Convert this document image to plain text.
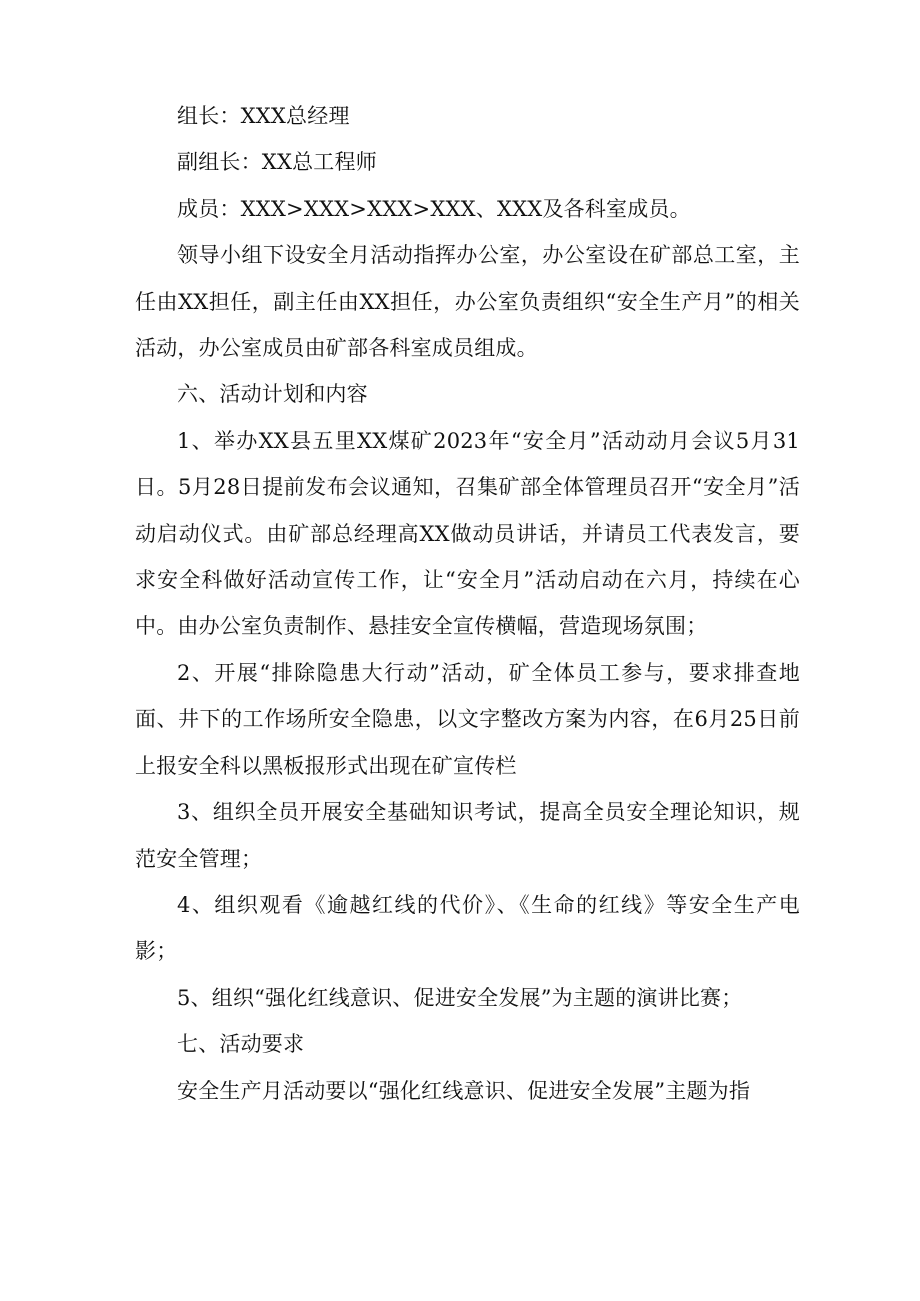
组长：XXX总经理

副组长：XX总工程师

成员：XXX>XXX>XXX>XXX、XXX及各科室成员。

领导小组下设安全月活动指挥办公室，办公室设在矿部总工室，主任由XX担任，副主任由XX担任，办公室负责组织“安全生产月”的相关活动，办公室成员由矿部各科室成员组成。

六、活动计划和内容

1、举办XX县五里XX煤矿2023年“安全月”活动动月会议5月31日。5月28日提前发布会议通知，召集矿部全体管理员召开“安全月”活动启动仪式。由矿部总经理高XX做动员讲话，并请员工代表发言，要求安全科做好活动宣传工作，让“安全月”活动启动在六月，持续在心中。由办公室负责制作、悬挂安全宣传横幅，营造现场氛围；

2、开展“排除隐患大行动”活动，矿全体员工参与，要求排查地面、井下的工作场所安全隐患，以文字整改方案为内容，在6月25日前上报安全科以黑板报形式出现在矿宣传栏

3、组织全员开展安全基础知识考试，提高全员安全理论知识，规范安全管理；

4、组织观看《逾越红线的代价》、《生命的红线》等安全生产电影；

5、组织“强化红线意识、促进安全发展”为主题的演讲比赛；

七、活动要求

安全生产月活动要以“强化红线意识、促进安全发展”主题为指
